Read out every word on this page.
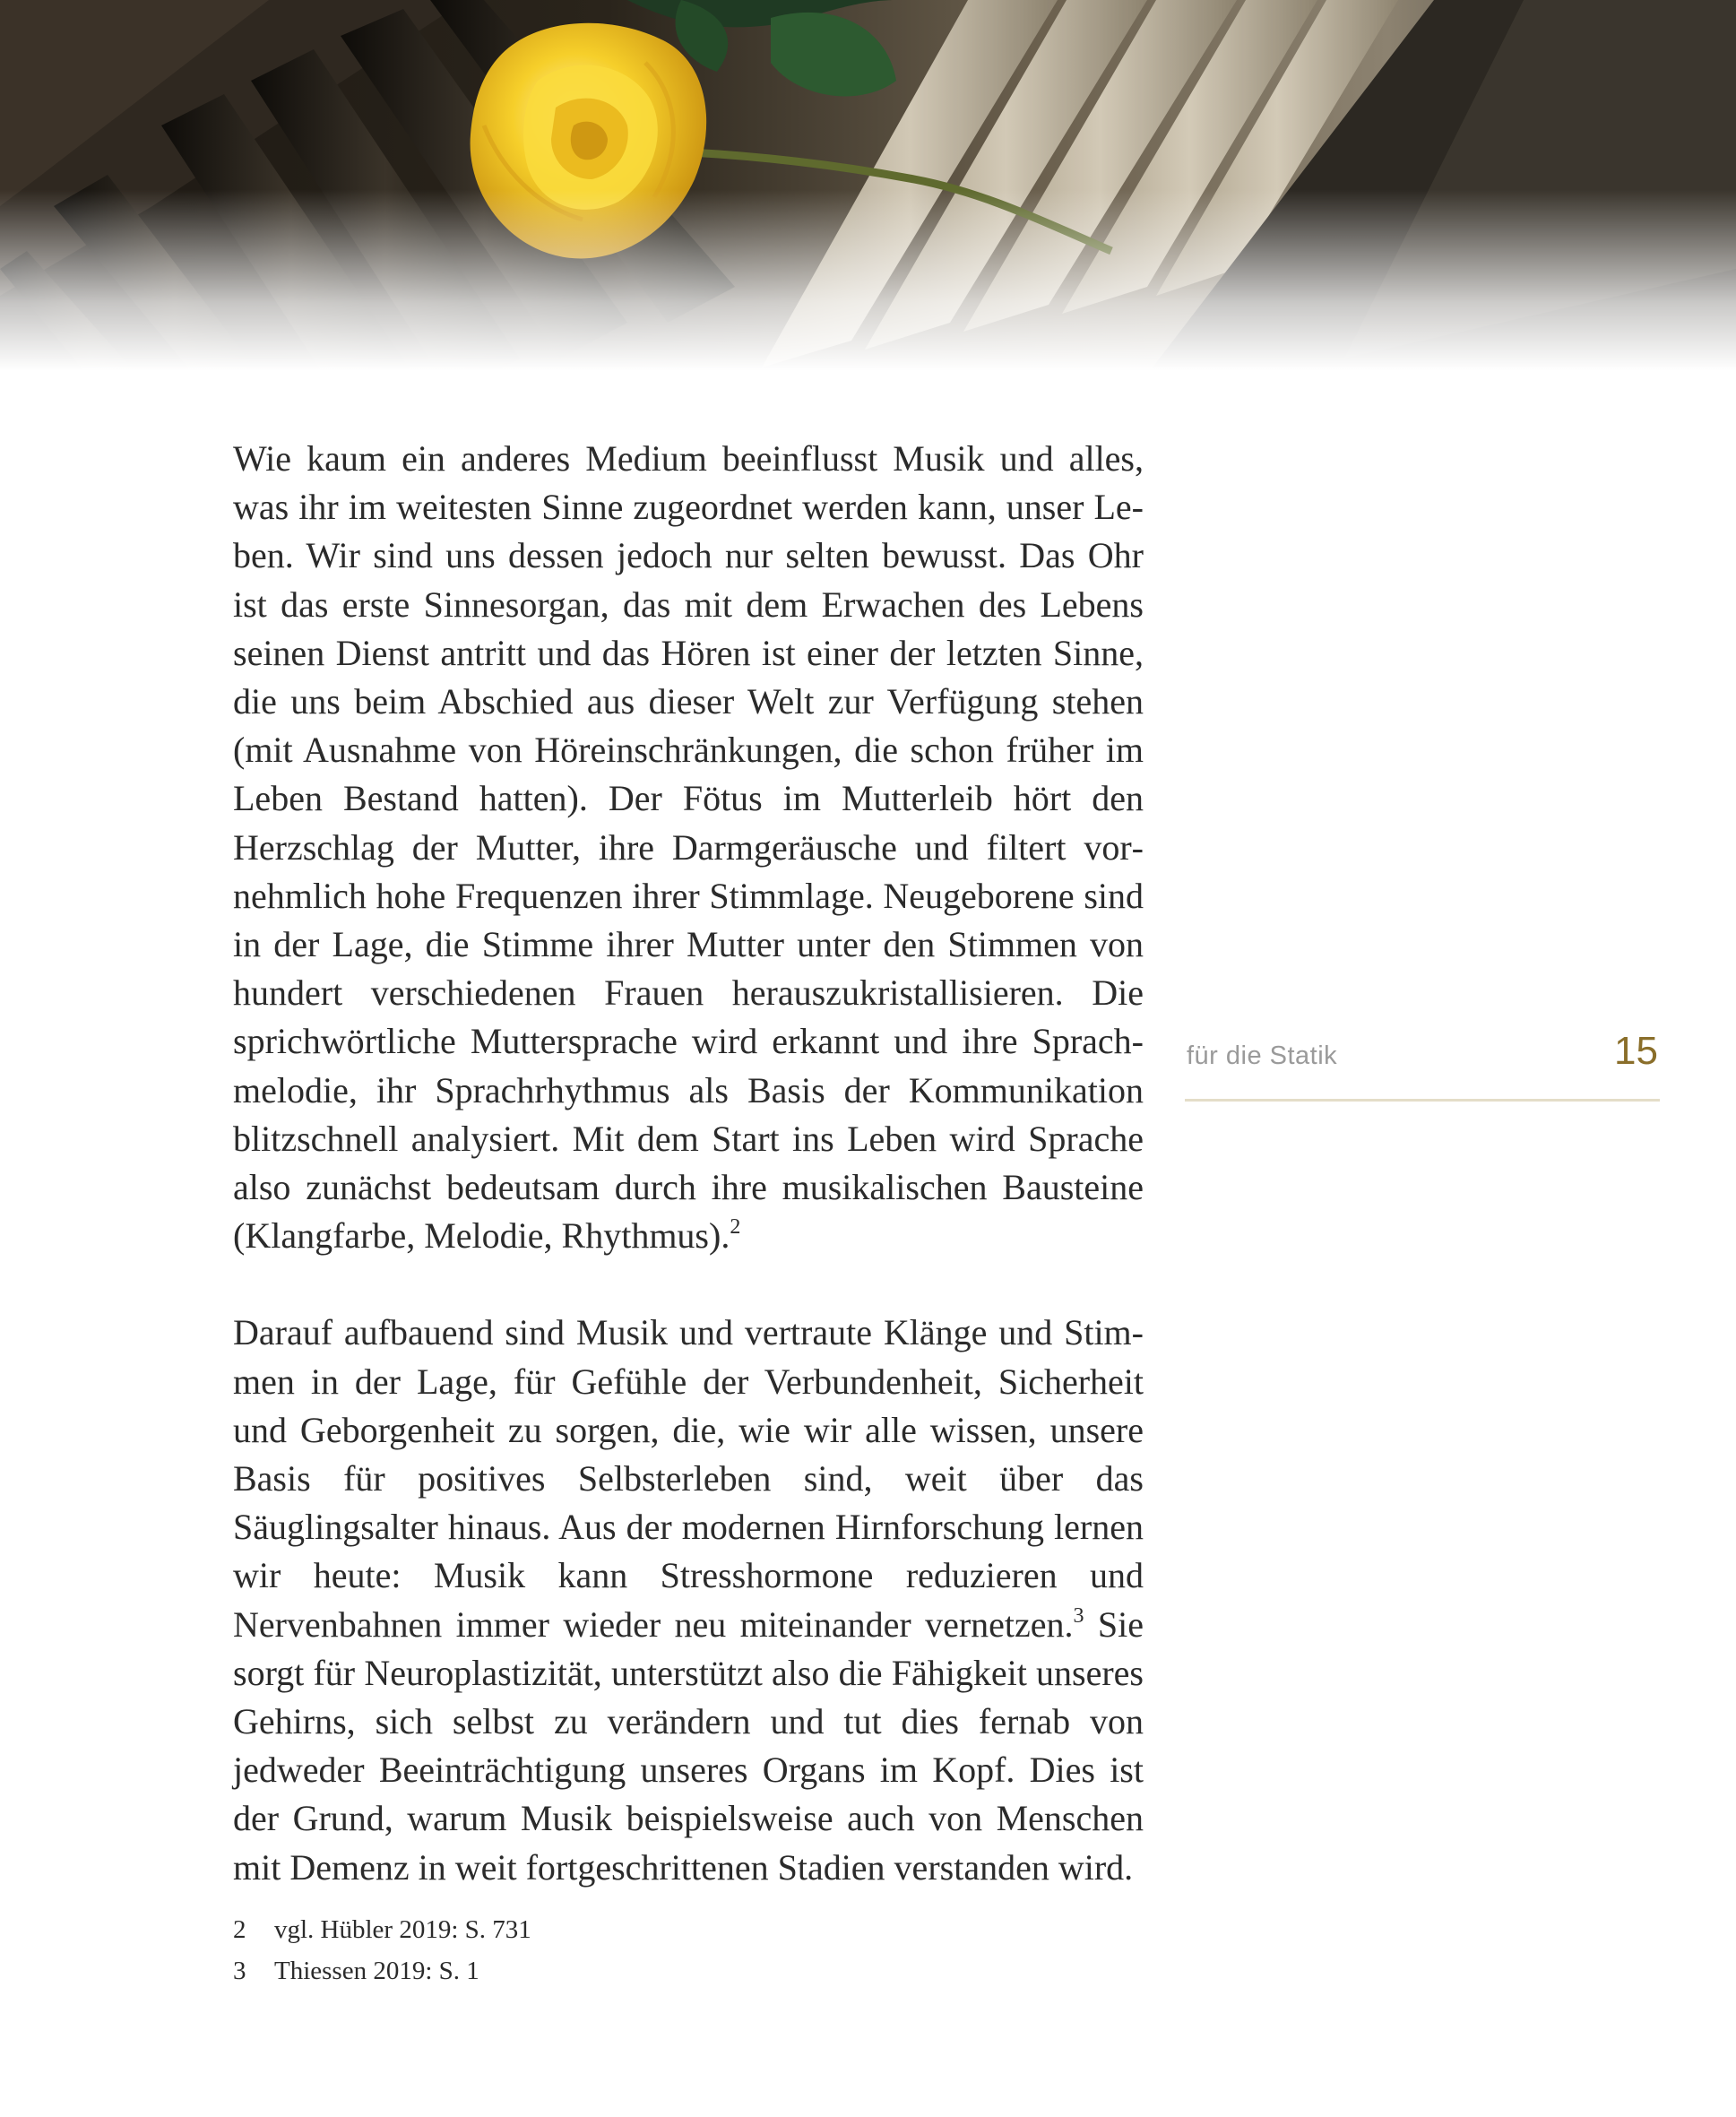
Wie kaum ein anderes Medium beeinflusst Musik und alles, was ihr im weitesten Sinne zugeordnet werden kann, unser Leben. Wir sind uns dessen jedoch nur selten bewusst. Das Ohr ist das erste Sinnesorgan, das mit dem Erwachen des Lebens seinen Dienst antritt und das Hören ist einer der letzten Sinne, die uns beim Abschied aus dieser Welt zur Verfügung stehen (mit Ausnahme von Höreinschränkungen, die schon früher im Leben Bestand hatten). Der Fötus im Mutterleib hört den Herzschlag der Mutter, ihre Darmgeräusche und filtert vornehmlich hohe Frequenzen ihrer Stimmlage. Neugeborene sind in der Lage, die Stimme ihrer Mutter unter den Stimmen von hundert verschiedenen Frauen herauszukristallisieren. Die sprichwörtliche Muttersprache wird erkannt und ihre Sprachmelodie, ihr Sprachrhythmus als Basis der Kommunikation blitzschnell analysiert. Mit dem Start ins Leben wird Sprache also zunächst bedeutsam durch ihre musikalischen Bausteine (Klangfarbe, Melodie, Rhythmus).$^2$

Darauf aufbauend sind Musik und vertraute Klänge und Stimmen in der Lage, für Gefühle der Verbundenheit, Sicherheit und Geborgenheit zu sorgen, die, wie wir alle wissen, unsere Basis für positives Selbsterleben sind, weit über das Säuglingsalter hinaus. Aus der modernen Hirnforschung lernen wir heute: Musik kann Stresshormone reduzieren und Nervenbahnen immer wieder neu miteinander vernetzen.$^3$ Sie sorgt für Neuroplastizität, unterstützt also die Fähigkeit unseres Gehirns, sich selbst zu verändern und tut dies fernab von jedweder Beeinträchtigung unseres Organs im Kopf. Dies ist der Grund, warum Musik beispielsweise auch von Menschen mit Demenz in weit fortgeschrittenen Stadien verstanden wird.

2	vgl. Hübler 2019: S. 731
3	Thiessen 2019: S. 1
für die Statik	15
